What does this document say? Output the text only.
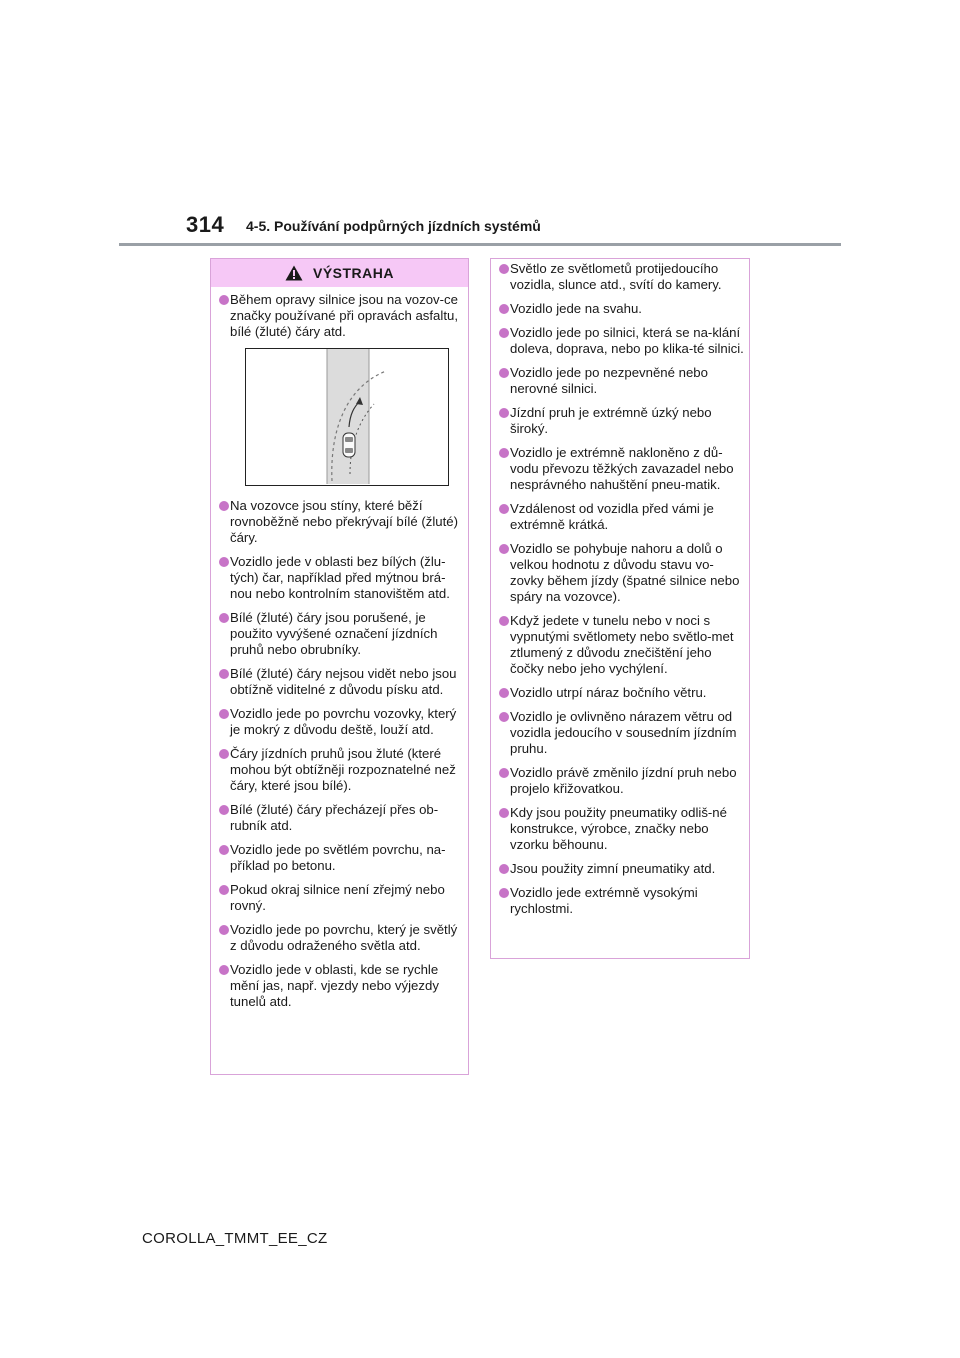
314 4-5. Používání podpůrných jízdních systémů
VÝSTRAHA
Během opravy silnice jsou na vozov-ce značky používané při opravách asfaltu, bílé (žluté) čáry atd.
Na vozovce jsou stíny, které běží rovnoběžně nebo překrývají bílé (žluté) čáry.
Vozidlo jede v oblasti bez bílých (žlu-tých) čar, například před mýtnou brá-nou nebo kontrolním stanovištěm atd.
Bílé (žluté) čáry jsou porušené, je použito vyvýšené označení jízdních pruhů nebo obrubníky.
Bílé (žluté) čáry nejsou vidět nebo jsou obtížně viditelné z důvodu písku atd.
Vozidlo jede po povrchu vozovky, který je mokrý z důvodu deště, louží atd.
Čáry jízdních pruhů jsou žluté (které mohou být obtížněji rozpoznatelné než čáry, které jsou bílé).
Bílé (žluté) čáry přecházejí přes ob-rubník atd.
Vozidlo jede po světlém povrchu, na-příklad po betonu.
Pokud okraj silnice není zřejmý nebo rovný.
Vozidlo jede po povrchu, který je světlý z důvodu odraženého světla atd.
Vozidlo jede v oblasti, kde se rychle mění jas, např. vjezdy nebo výjezdy tunelů atd.
Světlo ze světlometů protijedoucího vozidla, slunce atd., svítí do kamery.
Vozidlo jede na svahu.
Vozidlo jede po silnici, která se na-klání doleva, doprava, nebo po klika-té silnici.
Vozidlo jede po nezpevněné nebo nerovné silnici.
Jízdní pruh je extrémně úzký nebo široký.
Vozidlo je extrémně nakloněno z dů-vodu převozu těžkých zavazadel nebo nesprávného nahuštění pneu-matik.
Vzdálenost od vozidla před vámi je extrémně krátká.
Vozidlo se pohybuje nahoru a dolů o velkou hodnotu z důvodu stavu vo-zovky během jízdy (špatné silnice nebo spáry na vozovce).
Když jedete v tunelu nebo v noci s vypnutými světlomety nebo světlo-met ztlumený z důvodu znečištění jeho čočky nebo jeho vychýlení.
Vozidlo utrpí náraz bočního větru.
Vozidlo je ovlivněno nárazem větru od vozidla jedoucího v sousedním jízdním pruhu.
Vozidlo právě změnilo jízdní pruh nebo projelo křižovatkou.
Kdy jsou použity pneumatiky odliš-né konstrukce, výrobce, značky nebo vzorku běhounu.
Jsou použity zimní pneumatiky atd.
Vozidlo jede extrémně vysokými rychlostmi.
COROLLA_TMMT_EE_CZ
